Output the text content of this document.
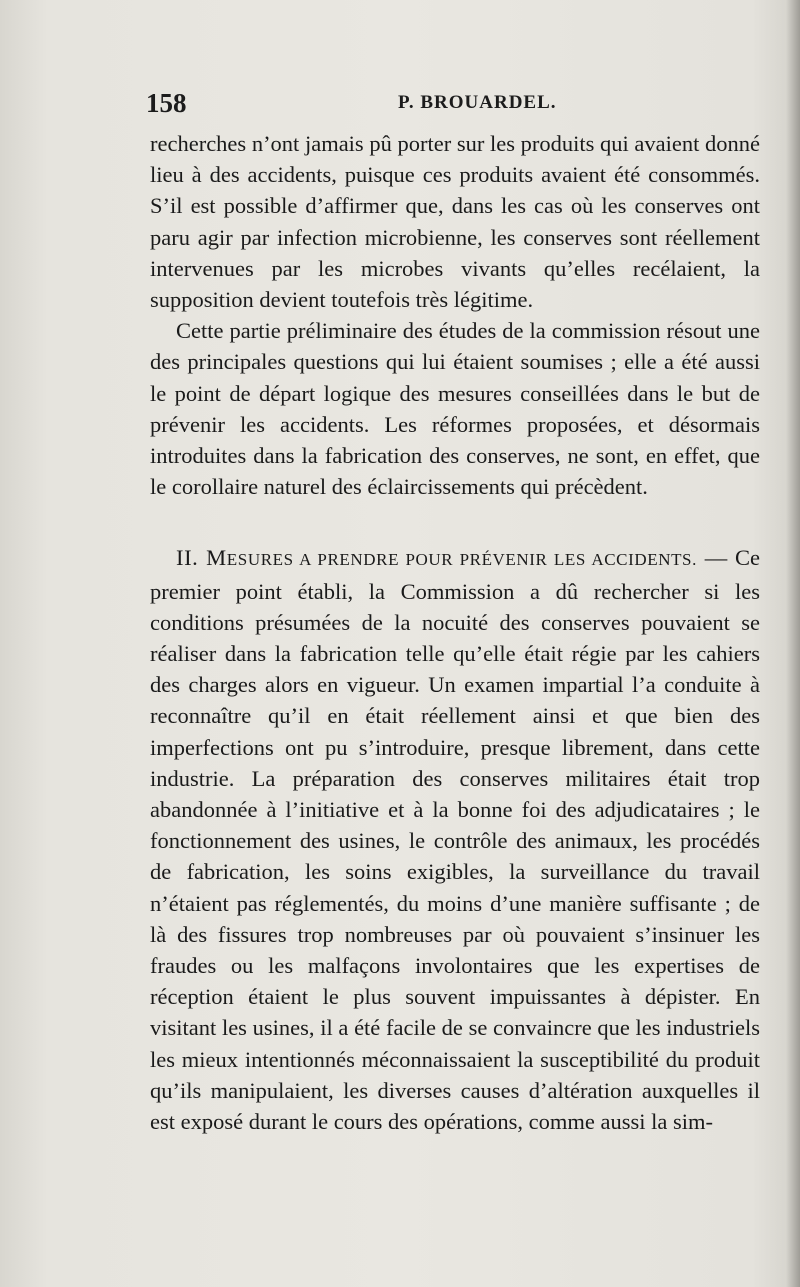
158	P. BROUARDEL.

recherches n’ont jamais pû porter sur les produits qui avaient donné lieu à des accidents, puisque ces produits avaient été consommés. S’il est possible d’affirmer que, dans les cas où les conserves ont paru agir par infection microbienne, les conserves sont réellement intervenues par les microbes vivants qu’elles recélaient, la supposition devient toutefois très légitime.

Cette partie préliminaire des études de la commission résout une des principales questions qui lui étaient soumises ; elle a été aussi le point de départ logique des mesures conseillées dans le but de prévenir les accidents. Les réformes proposées, et désormais introduites dans la fabrication des conserves, ne sont, en effet, que le corollaire naturel des éclaircissements qui précèdent.

II. MESURES A PRENDRE POUR PRÉVENIR LES ACCIDENTS. — Ce premier point établi, la Commission a dû rechercher si les conditions présumées de la nocuité des conserves pouvaient se réaliser dans la fabrication telle qu’elle était régie par les cahiers des charges alors en vigueur. Un examen impartial l’a conduite à reconnaître qu’il en était réellement ainsi et que bien des imperfections ont pu s’introduire, presque librement, dans cette industrie. La préparation des conserves militaires était trop abandonnée à l’initiative et à la bonne foi des adjudicataires ; le fonctionnement des usines, le contrôle des animaux, les procédés de fabrication, les soins exigibles, la surveillance du travail n’étaient pas réglementés, du moins d’une manière suffisante ; de là des fissures trop nombreuses par où pouvaient s’insinuer les fraudes ou les malfaçons involontaires que les expertises de réception étaient le plus souvent impuissantes à dépister. En visitant les usines, il a été facile de se convaincre que les industriels les mieux intentionnés méconnaissaient la susceptibilité du produit qu’ils manipulaient, les diverses causes d’altération auxquelles il est exposé durant le cours des opérations, comme aussi la sim-
